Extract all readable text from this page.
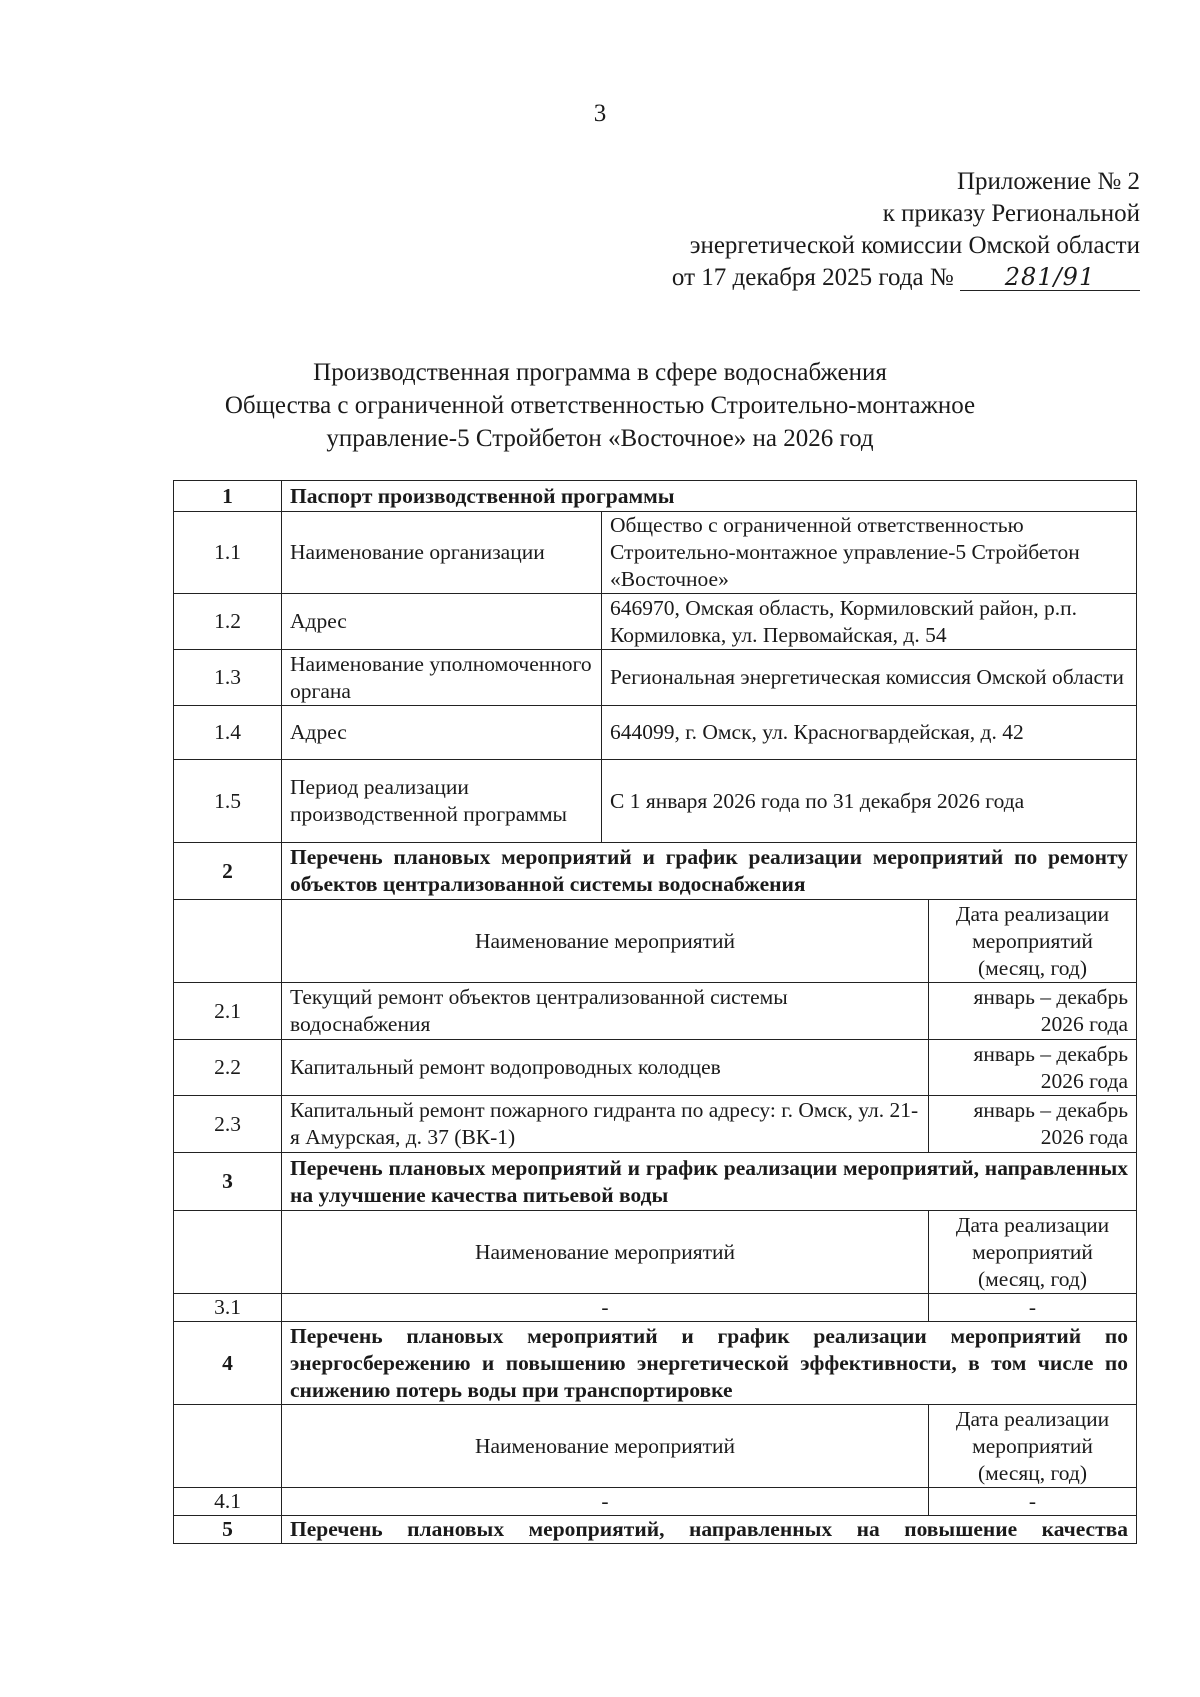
3
Приложение № 2
к приказу Региональной
энергетической комиссии Омской области
от 17 декабря 2025 года № 281/91
Производственная программа в сфере водоснабжения
Общества с ограниченной ответственностью Строительно-монтажное
управление-5 Стройбетон «Восточное» на 2026 год
1	Паспорт производственной программы		
1.1	Наименование организации	Общество с ограниченной ответственностью Строительно-монтажное управление-5 Стройбетон «Восточное»	
1.2	Адрес	646970, Омская область, Кормиловский район, р.п. Кормиловка, ул. Первомайская, д. 54	
1.3	Наименование уполномоченного органа	Региональная энергетическая комиссия Омской области	
1.4	Адрес	644099, г. Омск, ул. Красногвардейская, д. 42	
1.5	Период реализации производственной программы	С 1 января 2026 года по 31 декабря 2026 года	
2	Перечень плановых мероприятий и график реализации мероприятий по ремонту объектов централизованной системы водоснабжения		
	Наименование мероприятий		Дата реализации мероприятий (месяц, год)
2.1	Текущий ремонт объектов централизованной системы водоснабжения		январь – декабрь
2026 года
2.2	Капитальный ремонт водопроводных колодцев		январь – декабрь
2026 года
2.3	Капитальный ремонт пожарного гидранта по адресу: г. Омск, ул. 21-я Амурская, д. 37 (ВК-1)		январь – декабрь
2026 года
3	Перечень плановых мероприятий и график реализации мероприятий, направленных на улучшение качества питьевой воды		
	Наименование мероприятий		Дата реализации мероприятий (месяц, год)
3.1	-		-
4	Перечень плановых мероприятий и график реализации мероприятий по энергосбережению и повышению энергетической эффективности, в том числе по снижению потерь воды при транспортировке		
	Наименование мероприятий		Дата реализации мероприятий (месяц, год)
4.1	-		-
5	Перечень плановых мероприятий, направленных на повышение качества		
